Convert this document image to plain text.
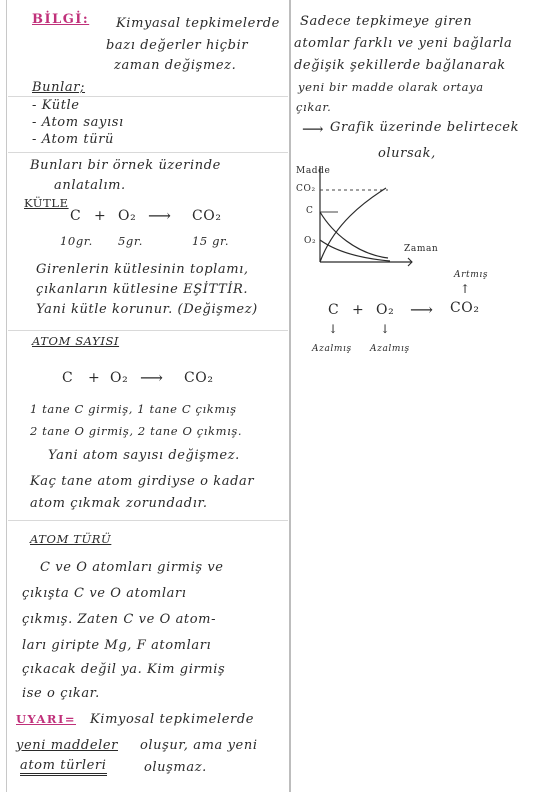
BİLGİ: Kimyasal tepkimelerde
bazı değerler hiçbir
zaman değişmez.
Bunlar;
- Kütle
- Atom sayısı
- Atom türü
Bunları bir örnek üzerinde
anlatalım.
KÜTLE
C + O₂ ⟶ CO₂
10gr. 5gr.	15 gr.
Girenlerin kütlesinin toplamı,
çıkanların kütlesine EŞİTTİR.
Yani kütle korunur. (Değişmez)
ATOM SAYISI
C + O₂ ⟶ CO₂
1 tane C girmiş, 1 tane C çıkmış
2 tane O girmiş, 2 tane O çıkmış.
Yani atom sayısı değişmez.
Kaç tane atom girdiyse o kadar
atom çıkmak zorundadır.
ATOM TÜRÜ
C ve O atomları girmiş ve
çıkışta C ve O atomları
çıkmış. Zaten C ve O atom-
ları giripte Mg, F atomları
çıkacak değil ya. Kim girmiş
ise o çıkar.
UYARI= Kimyosal tepkimelerde
yeni maddeler oluşur, ama yeni
atom türleri	oluşmaz.
Sadece tepkimeye giren
atomlar farklı ve yeni bağlarla
değişik şekillerde bağlanarak
yeni bir madde olarak ortaya
çıkar.
⟶ Grafik üzerinde belirtecek
olursak,
Madde
CO₂
C
O₂
Zaman
Artmış
↑
C + O₂ ⟶ CO₂
↓	↓
Azalmış Azalmış
